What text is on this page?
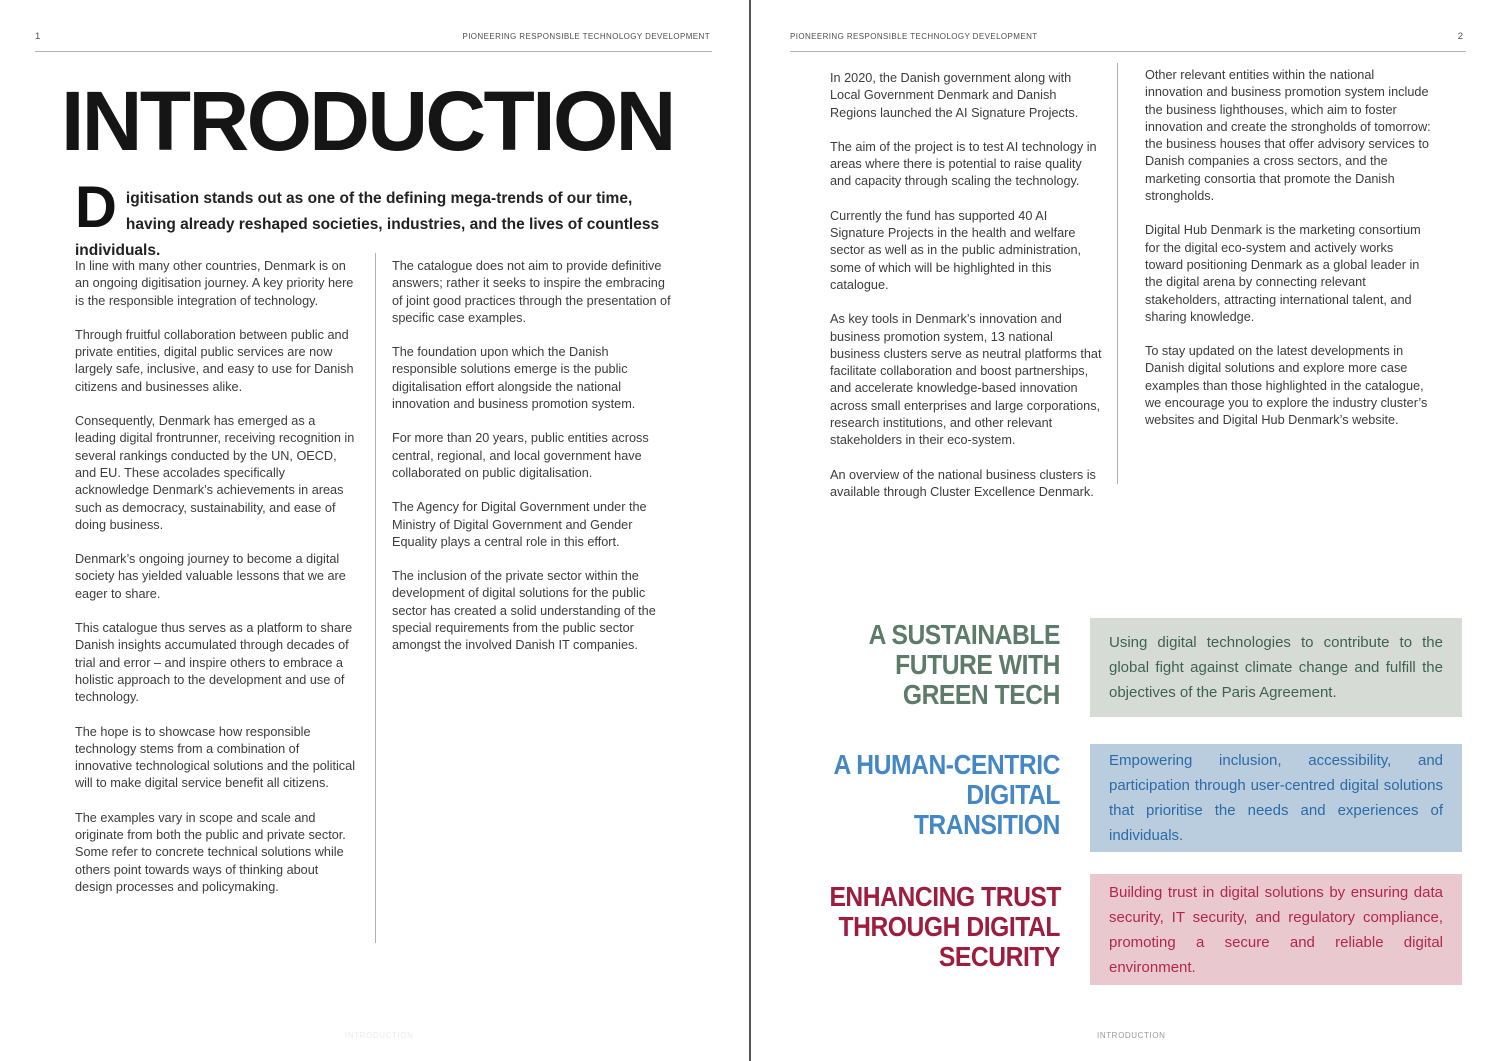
1	PIONEERING RESPONSIBLE TECHNOLOGY DEVELOPMENT
INTRODUCTION
Digitisation stands out as one of the defining mega-trends of our time, having already reshaped societies, industries, and the lives of countless individuals.

In line with many other countries, Denmark is on an ongoing digitisation journey. A key priority here is the responsible integration of technology.

Through fruitful collaboration between public and private entities, digital public services are now largely safe, inclusive, and easy to use for Danish citizens and businesses alike.

Consequently, Denmark has emerged as a leading digital frontrunner, receiving recognition in several rankings conducted by the UN, OECD, and EU. These accolades specifically acknowledge Denmark’s achievements in areas such as democracy, sustainability, and ease of doing business.

Denmark’s ongoing journey to become a digital society has yielded valuable lessons that we are eager to share.

This catalogue thus serves as a platform to share Danish insights accumulated through decades of trial and error – and inspire others to embrace a holistic approach to the development and use of technology.

The hope is to showcase how responsible technology stems from a combination of innovative technological solutions and the political will to make digital service benefit all citizens.

The examples vary in scope and scale and originate from both the public and private sector. Some refer to concrete technical solutions while others point towards ways of thinking about design processes and policymaking.

The catalogue does not aim to provide definitive answers; rather it seeks to inspire the embracing of joint good practices through the presentation of specific case examples.

The foundation upon which the Danish responsible solutions emerge is the public digitalisation effort alongside the national innovation and business promotion system.

For more than 20 years, public entities across central, regional, and local government have collaborated on public digitalisation.

The Agency for Digital Government under the Ministry of Digital Government and Gender Equality plays a central role in this effort.

The inclusion of the private sector within the development of digital solutions for the public sector has created a solid understanding of the special requirements from the public sector amongst the involved Danish IT companies.

INTRODUCTION
PIONEERING RESPONSIBLE TECHNOLOGY DEVELOPMENT	2

In 2020, the Danish government along with Local Government Denmark and Danish Regions launched the AI Signature Projects.

The aim of the project is to test AI technology in areas where there is potential to raise quality and capacity through scaling the technology.

Currently the fund has supported 40 AI Signature Projects in the health and welfare sector as well as in the public administration, some of which will be highlighted in this catalogue.

As key tools in Denmark’s innovation and business promotion system, 13 national business clusters serve as neutral platforms that facilitate collaboration and boost partnerships, and accelerate knowledge-based innovation across small enterprises and large corporations, research institutions, and other relevant stakeholders in their eco-system.

An overview of the national business clusters is available through Cluster Excellence Denmark.

Other relevant entities within the national innovation and business promotion system include the business lighthouses, which aim to foster innovation and create the strongholds of tomorrow: the business houses that offer advisory services to Danish companies a cross sectors, and the marketing consortia that promote the Danish strongholds.

Digital Hub Denmark is the marketing consortium for the digital eco-system and actively works toward positioning Denmark as a global leader in the digital arena by connecting relevant stakeholders, attracting international talent, and sharing knowledge.

To stay updated on the latest developments in Danish digital solutions and explore more case examples than those highlighted in the catalogue, we encourage you to explore the industry cluster’s websites and Digital Hub Denmark’s website.

A SUSTAINABLE
FUTURE WITH
GREEN TECH

Using digital technologies to contribute to the global fight against climate change and fulfill the objectives of the Paris Agreement.

A HUMAN-CENTRIC
DIGITAL
TRANSITION

Empowering inclusion, accessibility, and participation through user-centred digital solutions that prioritise the needs and experiences of individuals.

ENHANCING TRUST
THROUGH DIGITAL
SECURITY

Building trust in digital solutions by ensuring data security, IT security, and regulatory compliance, promoting a secure and reliable digital environment.

INTRODUCTION
